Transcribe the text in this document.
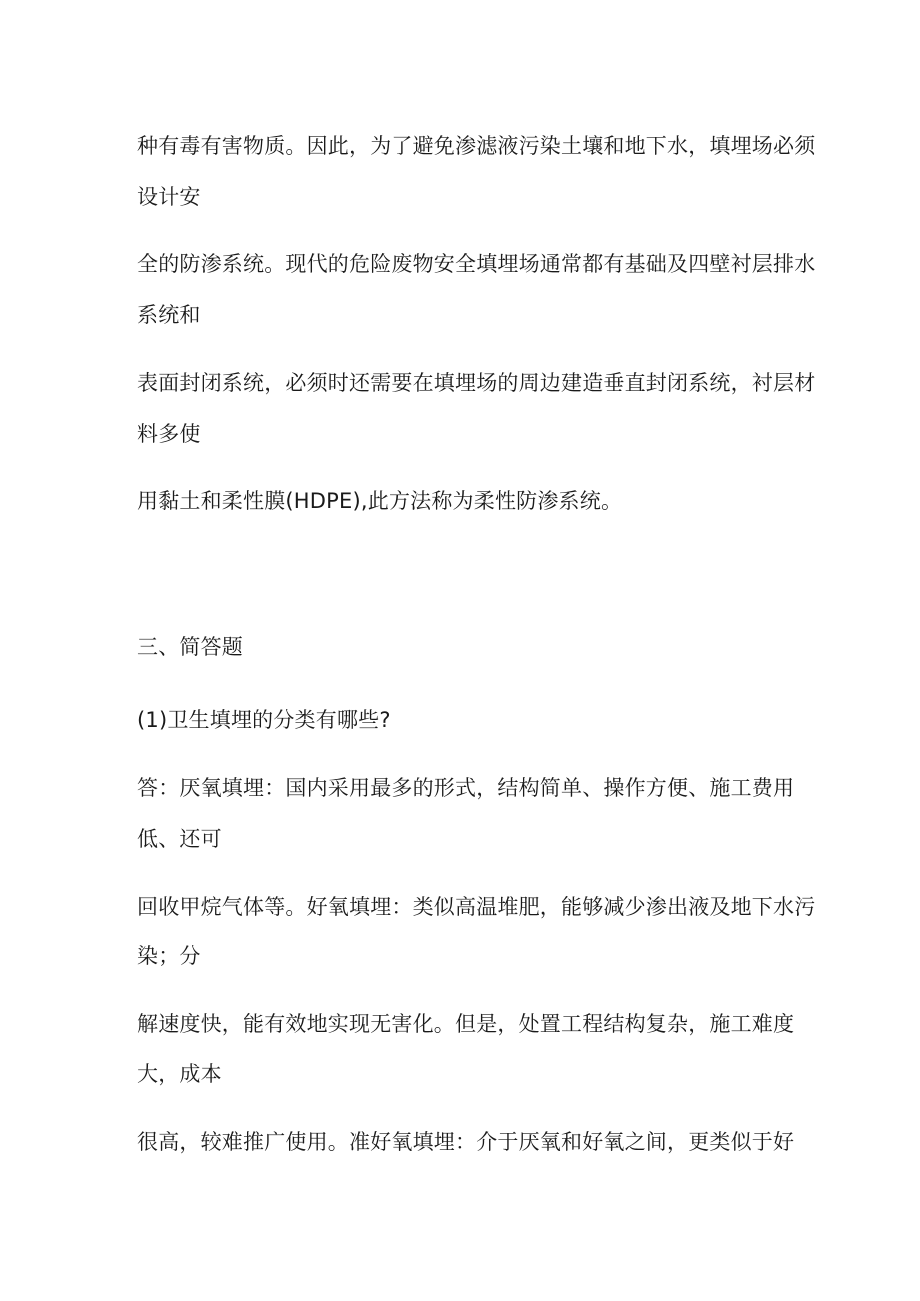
种有毒有害物质。因此，为了避免渗滤液污染土壤和地下水，填埋场必须
设计安
全的防渗系统。现代的危险废物安全填埋场通常都有基础及四壁衬层排水
系统和
表面封闭系统，必须时还需要在填埋场的周边建造垂直封闭系统，衬层材
料多使
用黏土和柔性膜(HDPE),此方法称为柔性防渗系统。
三、简答题
(1)卫生填埋的分类有哪些?
答：厌氧填埋：国内采用最多的形式，结构简单、操作方便、施工费用
低、还可
回收甲烷气体等。好氧填埋：类似高温堆肥，能够减少渗出液及地下水污
染；分
解速度快，能有效地实现无害化。但是，处置工程结构复杂，施工难度
大，成本
很高，较难推广使用。准好氧填埋：介于厌氧和好氧之间，更类似于好
